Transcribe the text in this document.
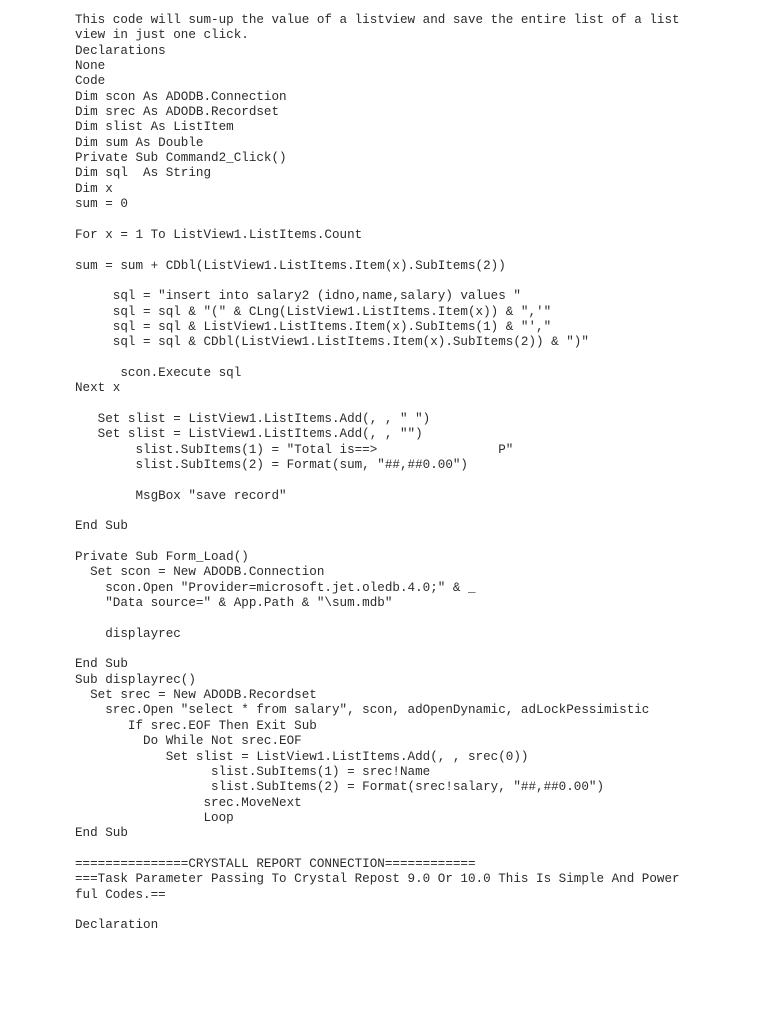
This code will sum-up the value of a listview and save the entire list of a list
view in just one click.
Declarations
None
Code
Dim scon As ADODB.Connection
Dim srec As ADODB.Recordset
Dim slist As ListItem
Dim sum As Double
Private Sub Command2_Click()
Dim sql  As String
Dim x
sum = 0
For x = 1 To ListView1.ListItems.Count
sum = sum + CDbl(ListView1.ListItems.Item(x).SubItems(2))
sql = "insert into salary2 (idno,name,salary) values "
sql = sql & "(" & CLng(ListView1.ListItems.Item(x)) & ",'"
sql = sql & ListView1.ListItems.Item(x).SubItems(1) & "',"
sql = sql & CDbl(ListView1.ListItems.Item(x).SubItems(2)) & ")"
scon.Execute sql
Next x
Set slist = ListView1.ListItems.Add(, , " ")
Set slist = ListView1.ListItems.Add(, , "")
slist.SubItems(1) = "Total is==>                P"
slist.SubItems(2) = Format(sum, "##,##0.00")
MsgBox "save record"
End Sub
Private Sub Form_Load()
Set scon = New ADODB.Connection
scon.Open "Provider=microsoft.jet.oledb.4.0;" & _
"Data source=" & App.Path & "\sum.mdb"
displayrec
End Sub
Sub displayrec()
Set srec = New ADODB.Recordset
srec.Open "select * from salary", scon, adOpenDynamic, adLockPessimistic
If srec.EOF Then Exit Sub
Do While Not srec.EOF
Set slist = ListView1.ListItems.Add(, , srec(0))
slist.SubItems(1) = srec!Name
slist.SubItems(2) = Format(srec!salary, "##,##0.00")
srec.MoveNext
Loop
End Sub
===============CRYSTALL REPORT CONNECTION============
===Task Parameter Passing To Crystal Repost 9.0 Or 10.0 This Is Simple And Power
ful Codes.==
Declaration
